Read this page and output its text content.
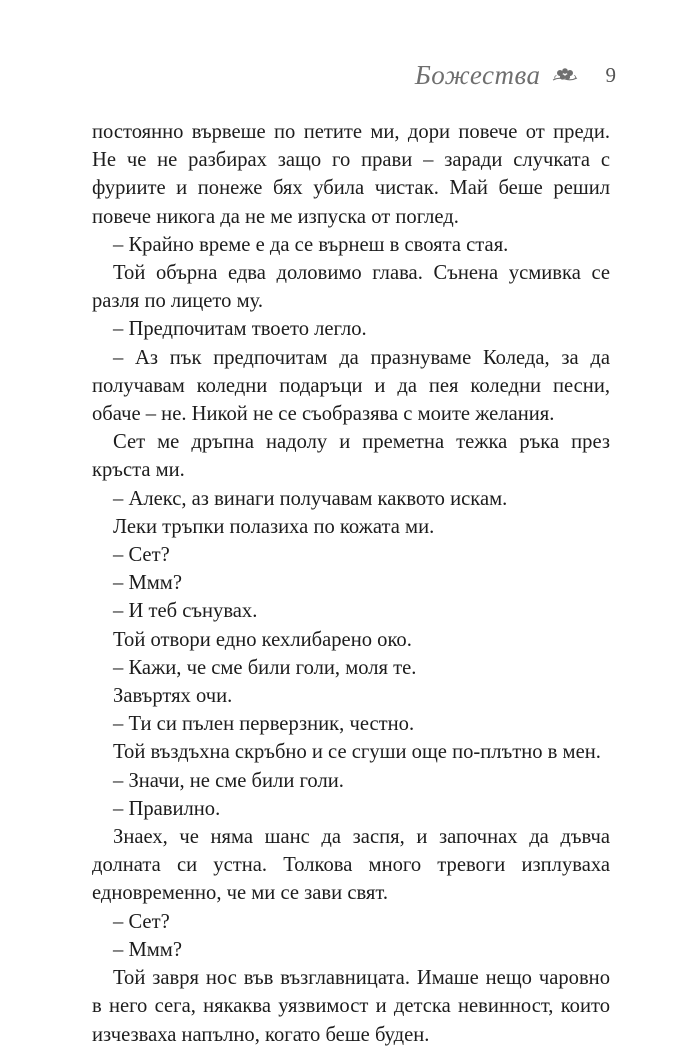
Божества	9

постоянно вървеше по петите ми, дори повече от преди. Не че не разбирах защо го прави – заради случката с фуриите и понеже бях убила чистак. Май беше решил повече никога да не ме изпуска от поглед.

– Крайно време е да се върнеш в своята стая.

Той обърна едва доловимо глава. Сънена усмивка се разля по лицето му.

– Предпочитам твоето легло.

– Аз пък предпочитам да празнуваме Коледа, за да получавам коледни подаръци и да пея коледни песни, обаче – не. Никой не се съобразява с моите желания.

Сет ме дръпна надолу и преметна тежка ръка през кръста ми.

– Алекс, аз винаги получавам каквото искам.

Леки тръпки полазиха по кожата ми.

– Сет?

– Ммм?

– И теб сънувах.

Той отвори едно кехлибарено око.

– Кажи, че сме били голи, моля те.

Завъртях очи.

– Ти си пълен перверзник, честно.

Той въздъхна скръбно и се сгуши още по-плътно в мен.

– Значи, не сме били голи.

– Правилно.

Знаех, че няма шанс да заспя, и започнах да дъвча долната си устна. Толкова много тревоги изплуваха едновременно, че ми се зави свят.

– Сет?

– Ммм?

Той завря нос във възглавницата. Имаше нещо чаровно в него сега, някаква уязвимост и детска невинност, които изчезваха напълно, когато беше буден.
